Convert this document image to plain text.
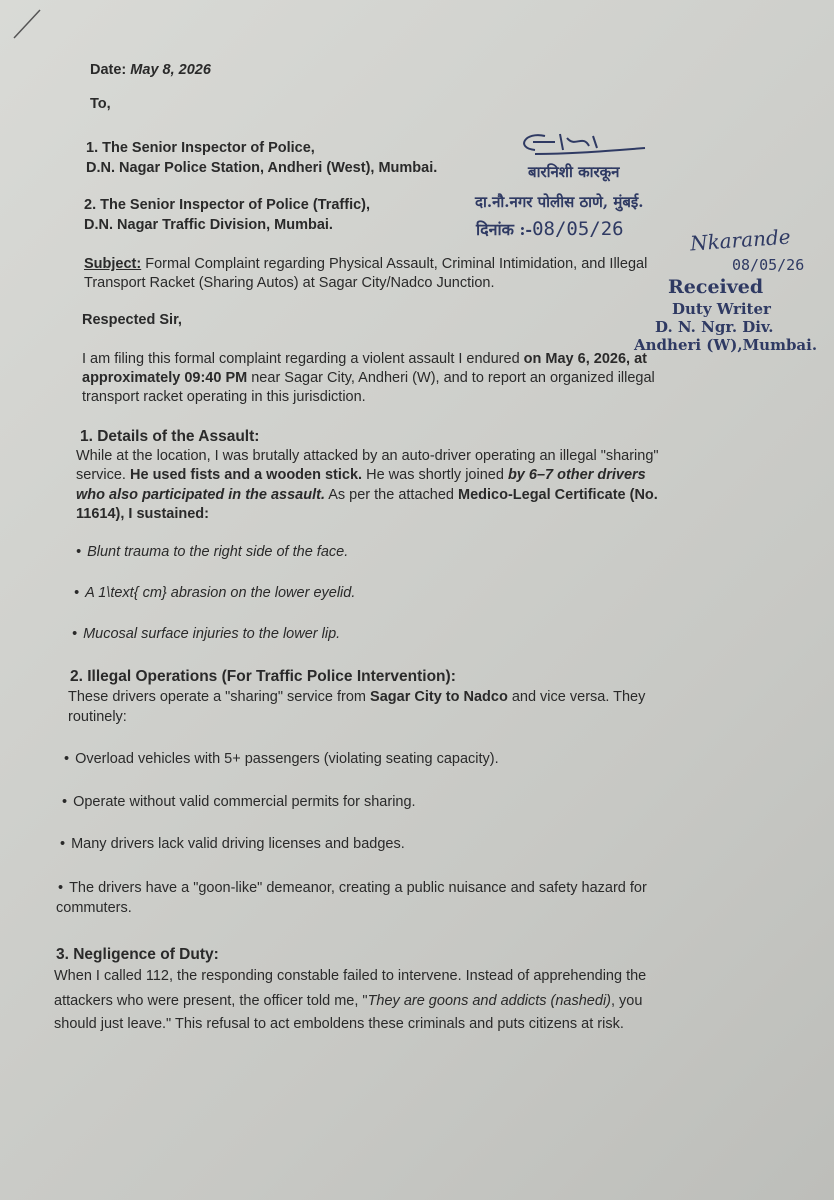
Date: May 8, 2026
To,
1. The Senior Inspector of Police,
D.N. Nagar Police Station, Andheri (West), Mumbai.
2. The Senior Inspector of Police (Traffic),
D.N. Nagar Traffic Division, Mumbai.
Subject: Formal Complaint regarding Physical Assault, Criminal Intimidation, and Illegal
Transport Racket (Sharing Autos) at Sagar City/Nadco Junction.
Respected Sir,
I am filing this formal complaint regarding a violent assault I endured on May 6, 2026, at
approximately 09:40 PM near Sagar City, Andheri (W), and to report an organized illegal
transport racket operating in this jurisdiction.
1. Details of the Assault:
While at the location, I was brutally attacked by an auto-driver operating an illegal "sharing"
service. He used fists and a wooden stick. He was shortly joined by 6–7 other drivers
who also participated in the assault. As per the attached Medico-Legal Certificate (No.
11614), I sustained:
• Blunt trauma to the right side of the face.
• A 1\text{ cm} abrasion on the lower eyelid.
• Mucosal surface injuries to the lower lip.
2. Illegal Operations (For Traffic Police Intervention):
These drivers operate a "sharing" service from Sagar City to Nadco and vice versa. They
routinely:
• Overload vehicles with 5+ passengers (violating seating capacity).
• Operate without valid commercial permits for sharing.
• Many drivers lack valid driving licenses and badges.
• The drivers have a "goon-like" demeanor, creating a public nuisance and safety hazard for
commuters.
3. Negligence of Duty:
When I called 112, the responding constable failed to intervene. Instead of apprehending the
attackers who were present, the officer told me, "They are goons and addicts (nashedi), you
should just leave." This refusal to act emboldens these criminals and puts citizens at risk.
बारनिशी कारकून
दा.नौ.नगर पोलीस ठाणे, मुंबई.
दिनांक :-08/05/26	Nkarande
08/05/26
Received
Duty Writer
D. N. Ngr. Div.
Andheri (W),Mumbai.
